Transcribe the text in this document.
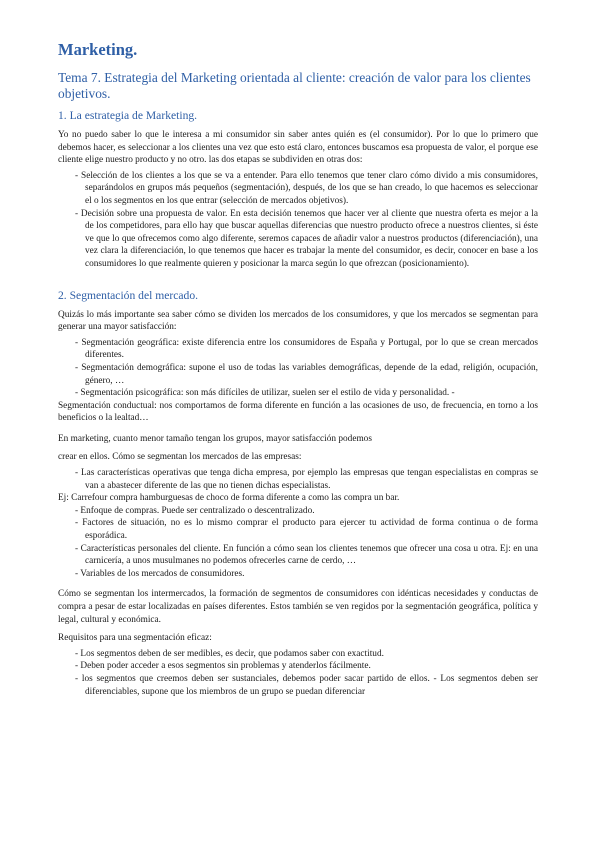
Marketing.
Tema 7. Estrategia del Marketing orientada al cliente: creación de valor para los clientes objetivos.
1. La estrategia de Marketing.

Yo no puedo saber lo que le interesa a mi consumidor sin saber antes quién es (el consumidor). Por lo que lo primero que debemos hacer, es seleccionar a los clientes una vez que esto está claro, entonces buscamos esa propuesta de valor, el porque ese cliente elige nuestro producto y no otro. las dos etapas se subdividen en otras dos:

- Selección de los clientes a los que se va a entender. Para ello tenemos que tener claro cómo divido a mis consumidores, separándolos en grupos más pequeños (segmentación), después, de los que se han creado, lo que hacemos es seleccionar el o los segmentos en los que entrar (selección de mercados objetivos).
- Decisión sobre una propuesta de valor. En esta decisión tenemos que hacer ver al cliente que nuestra oferta es mejor a la de los competidores, para ello hay que buscar aquellas diferencias que nuestro producto ofrece a nuestros clientes, si éste ve que lo que ofrecemos como algo diferente, seremos capaces de añadir valor a nuestros productos (diferenciación), una vez clara la diferenciación, lo que tenemos que hacer es trabajar la mente del consumidor, es decir, conocer en base a los consumidores lo que realmente quieren y posicionar la marca según lo que ofrezcan (posicionamiento).
2. Segmentación del mercado.

Quizás lo más importante sea saber cómo se dividen los mercados de los consumidores, y que los mercados se segmentan para generar una mayor satisfacción:

- Segmentación geográfica: existe diferencia entre los consumidores de España y Portugal, por lo que se crean mercados diferentes.
- Segmentación demográfica: supone el uso de todas las variables demográficas, depende de la edad, religión, ocupación, género, …
- Segmentación psicográfica: son más difíciles de utilizar, suelen ser el estilo de vida y personalidad. -
Segmentación conductual: nos comportamos de forma diferente en función a las ocasiones de uso, de frecuencia, en torno a los beneficios o la lealtad…

En marketing, cuanto menor tamaño tengan los grupos, mayor satisfacción podemos

crear en ellos. Cómo se segmentan los mercados de las empresas:

- Las características operativas que tenga dicha empresa, por ejemplo las empresas que tengan especialistas en compras se van a abastecer diferente de las que no tienen dichas especialistas.
Ej: Carrefour compra hamburguesas de choco de forma diferente a como las compra un bar.
- Enfoque de compras. Puede ser centralizado o descentralizado.
- Factores de situación, no es lo mismo comprar el producto para ejercer tu actividad de forma continua o de forma esporádica.
- Características personales del cliente. En función a cómo sean los clientes tenemos que ofrecer una cosa u otra. Ej: en una carnicería, a unos musulmanes no podemos ofrecerles carne de cerdo, …
- Variables de los mercados de consumidores.

Cómo se segmentan los intermercados, la formación de segmentos de consumidores con idénticas necesidades y conductas de compra a pesar de estar localizadas en países diferentes. Estos también se ven regidos por la segmentación geográfica, política y legal, cultural y económica.

Requisitos para una segmentación eficaz:

- Los segmentos deben de ser medibles, es decir, que podamos saber con exactitud.
- Deben poder acceder a esos segmentos sin problemas y atenderlos fácilmente.
- los segmentos que creemos deben ser sustanciales, debemos poder sacar partido de ellos. - Los segmentos deben ser diferenciables, supone que los miembros de un grupo se puedan diferenciar
